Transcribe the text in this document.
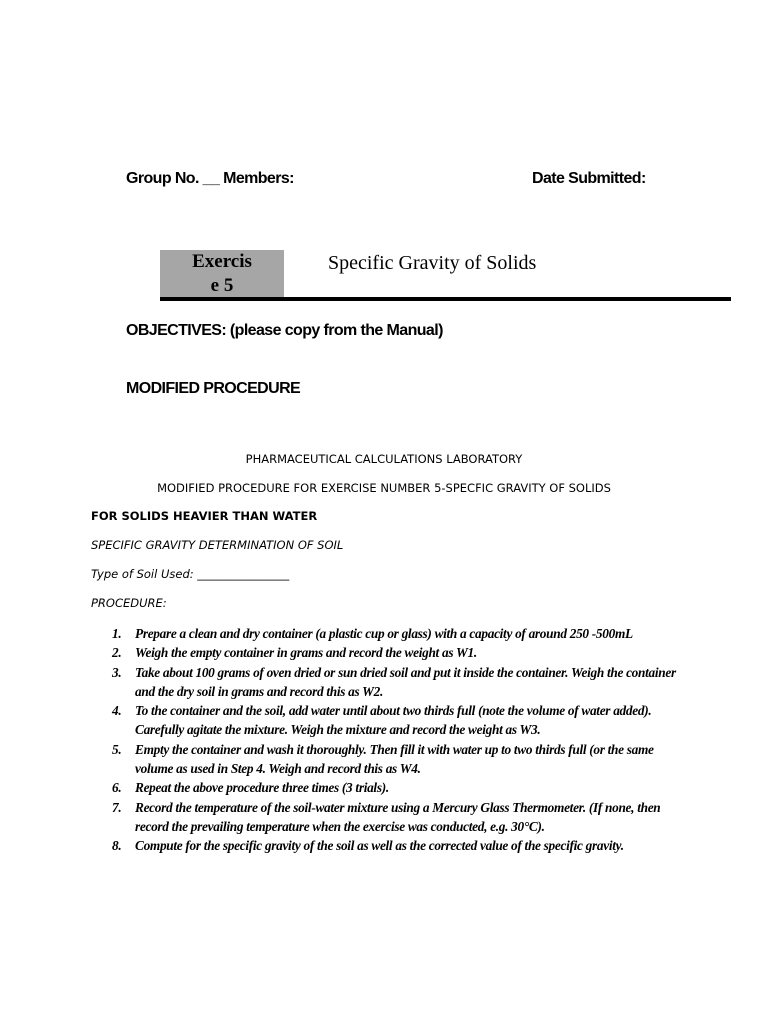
Group No. __ Members:	Date Submitted:
Exercis
e 5
Specific Gravity of Solids
OBJECTIVES: (please copy from the Manual)
MODIFIED PROCEDURE
PHARMACEUTICAL CALCULATIONS LABORATORY
MODIFIED PROCEDURE FOR EXERCISE NUMBER 5-SPECFIC GRAVITY OF SOLIDS
FOR SOLIDS HEAVIER THAN WATER
SPECIFIC GRAVITY DETERMINATION OF SOIL
Type of Soil Used: ________________
PROCEDURE:
1. Prepare a clean and dry container (a plastic cup or glass) with a capacity of around 250 -500mL
2. Weigh the empty container in grams and record the weight as W1.
3. Take about 100 grams of oven dried or sun dried soil and put it inside the container. Weigh the container and the dry soil in grams and record this as W2.
4. To the container and the soil, add water until about two thirds full (note the volume of water added). Carefully agitate the mixture. Weigh the mixture and record the weight as W3.
5. Empty the container and wash it thoroughly. Then fill it with water up to two thirds full (or the same volume as used in Step 4. Weigh and record this as W4.
6. Repeat the above procedure three times (3 trials).
7. Record the temperature of the soil-water mixture using a Mercury Glass Thermometer. (If none, then record the prevailing temperature when the exercise was conducted, e.g. 30°C).
8. Compute for the specific gravity of the soil as well as the corrected value of the specific gravity.
